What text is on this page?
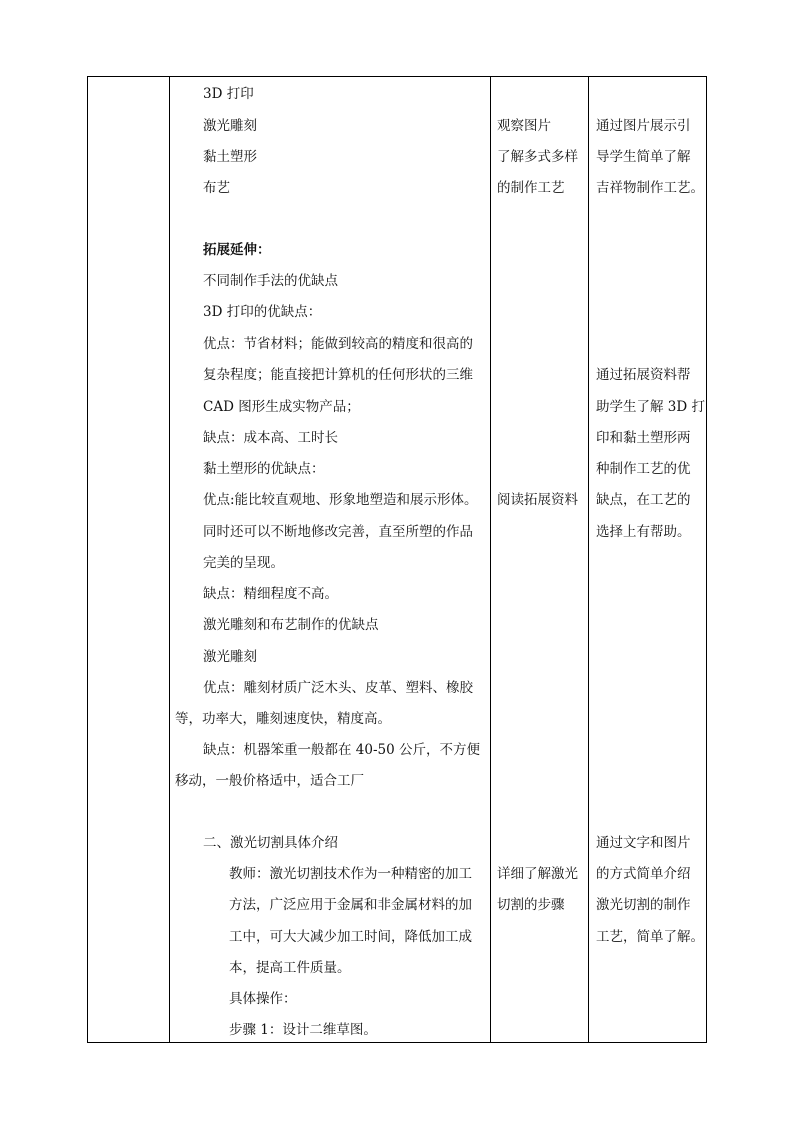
3D 打印
激光雕刻
黏土塑形
布艺
拓展延伸：
不同制作手法的优缺点
3D 打印的优缺点：
优点：节省材料；能做到较高的精度和很高的
复杂程度；能直接把计算机的任何形状的三维
CAD 图形生成实物产品；
缺点：成本高、工时长
黏土塑形的优缺点：
优点:能比较直观地、形象地塑造和展示形体。
同时还可以不断地修改完善，直至所塑的作品
完美的呈现。
缺点：精细程度不高。
激光雕刻和布艺制作的优缺点
激光雕刻
优点：雕刻材质广泛木头、皮革、塑料、橡胶
等，功率大，雕刻速度快，精度高。
缺点：机器笨重一般都在 40-50 公斤，不方便
移动，一般价格适中，适合工厂
二、激光切割具体介绍
教师：激光切割技术作为一种精密的加工
方法，广泛应用于金属和非金属材料的加
工中，可大大减少加工时间，降低加工成
本，提高工件质量。
具体操作：
步骤 1：设计二维草图。
观察图片
了解多式多样
的制作工艺
阅读拓展资料
详细了解激光
切割的步骤
通过图片展示引
导学生简单了解
吉祥物制作工艺。
通过拓展资料帮
助学生了解 3D 打
印和黏土塑形两
种制作工艺的优
缺点，在工艺的
选择上有帮助。
通过文字和图片
的方式简单介绍
激光切割的制作
工艺，简单了解。
